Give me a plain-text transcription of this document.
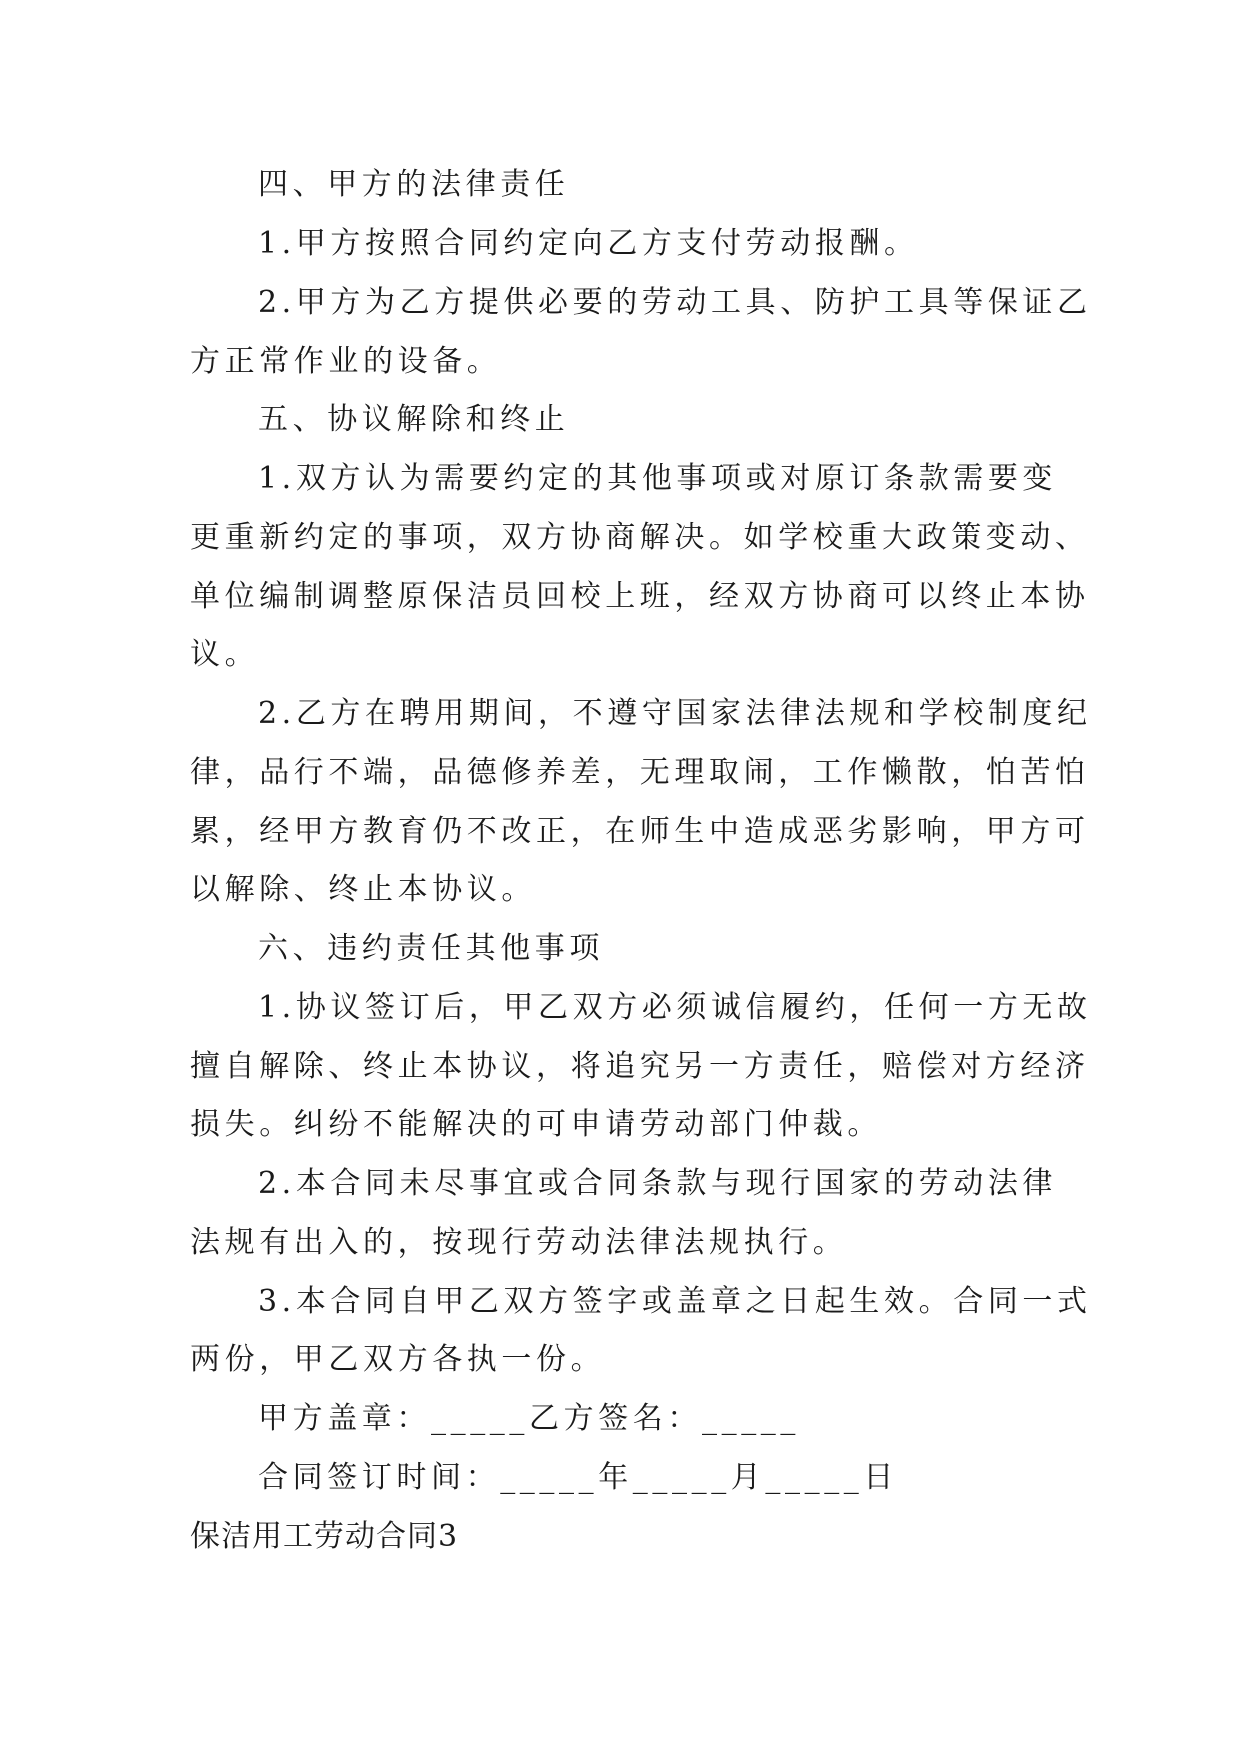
四、甲方的法律责任
1.甲方按照合同约定向乙方支付劳动报酬。
2.甲方为乙方提供必要的劳动工具、防护工具等保证乙
方正常作业的设备。
五、协议解除和终止
1.双方认为需要约定的其他事项或对原订条款需要变
更重新约定的事项，双方协商解决。如学校重大政策变动、
单位编制调整原保洁员回校上班，经双方协商可以终止本协
议。
2.乙方在聘用期间，不遵守国家法律法规和学校制度纪
律，品行不端，品德修养差，无理取闹，工作懒散，怕苦怕
累，经甲方教育仍不改正，在师生中造成恶劣影响，甲方可
以解除、终止本协议。
六、违约责任其他事项
1.协议签订后，甲乙双方必须诚信履约，任何一方无故
擅自解除、终止本协议，将追究另一方责任，赔偿对方经济
损失。纠纷不能解决的可申请劳动部门仲裁。
2.本合同未尽事宜或合同条款与现行国家的劳动法律
法规有出入的，按现行劳动法律法规执行。
3.本合同自甲乙双方签字或盖章之日起生效。合同一式
两份，甲乙双方各执一份。
甲方盖章：_____乙方签名：_____
合同签订时间：_____年_____月_____日
保洁用工劳动合同3
